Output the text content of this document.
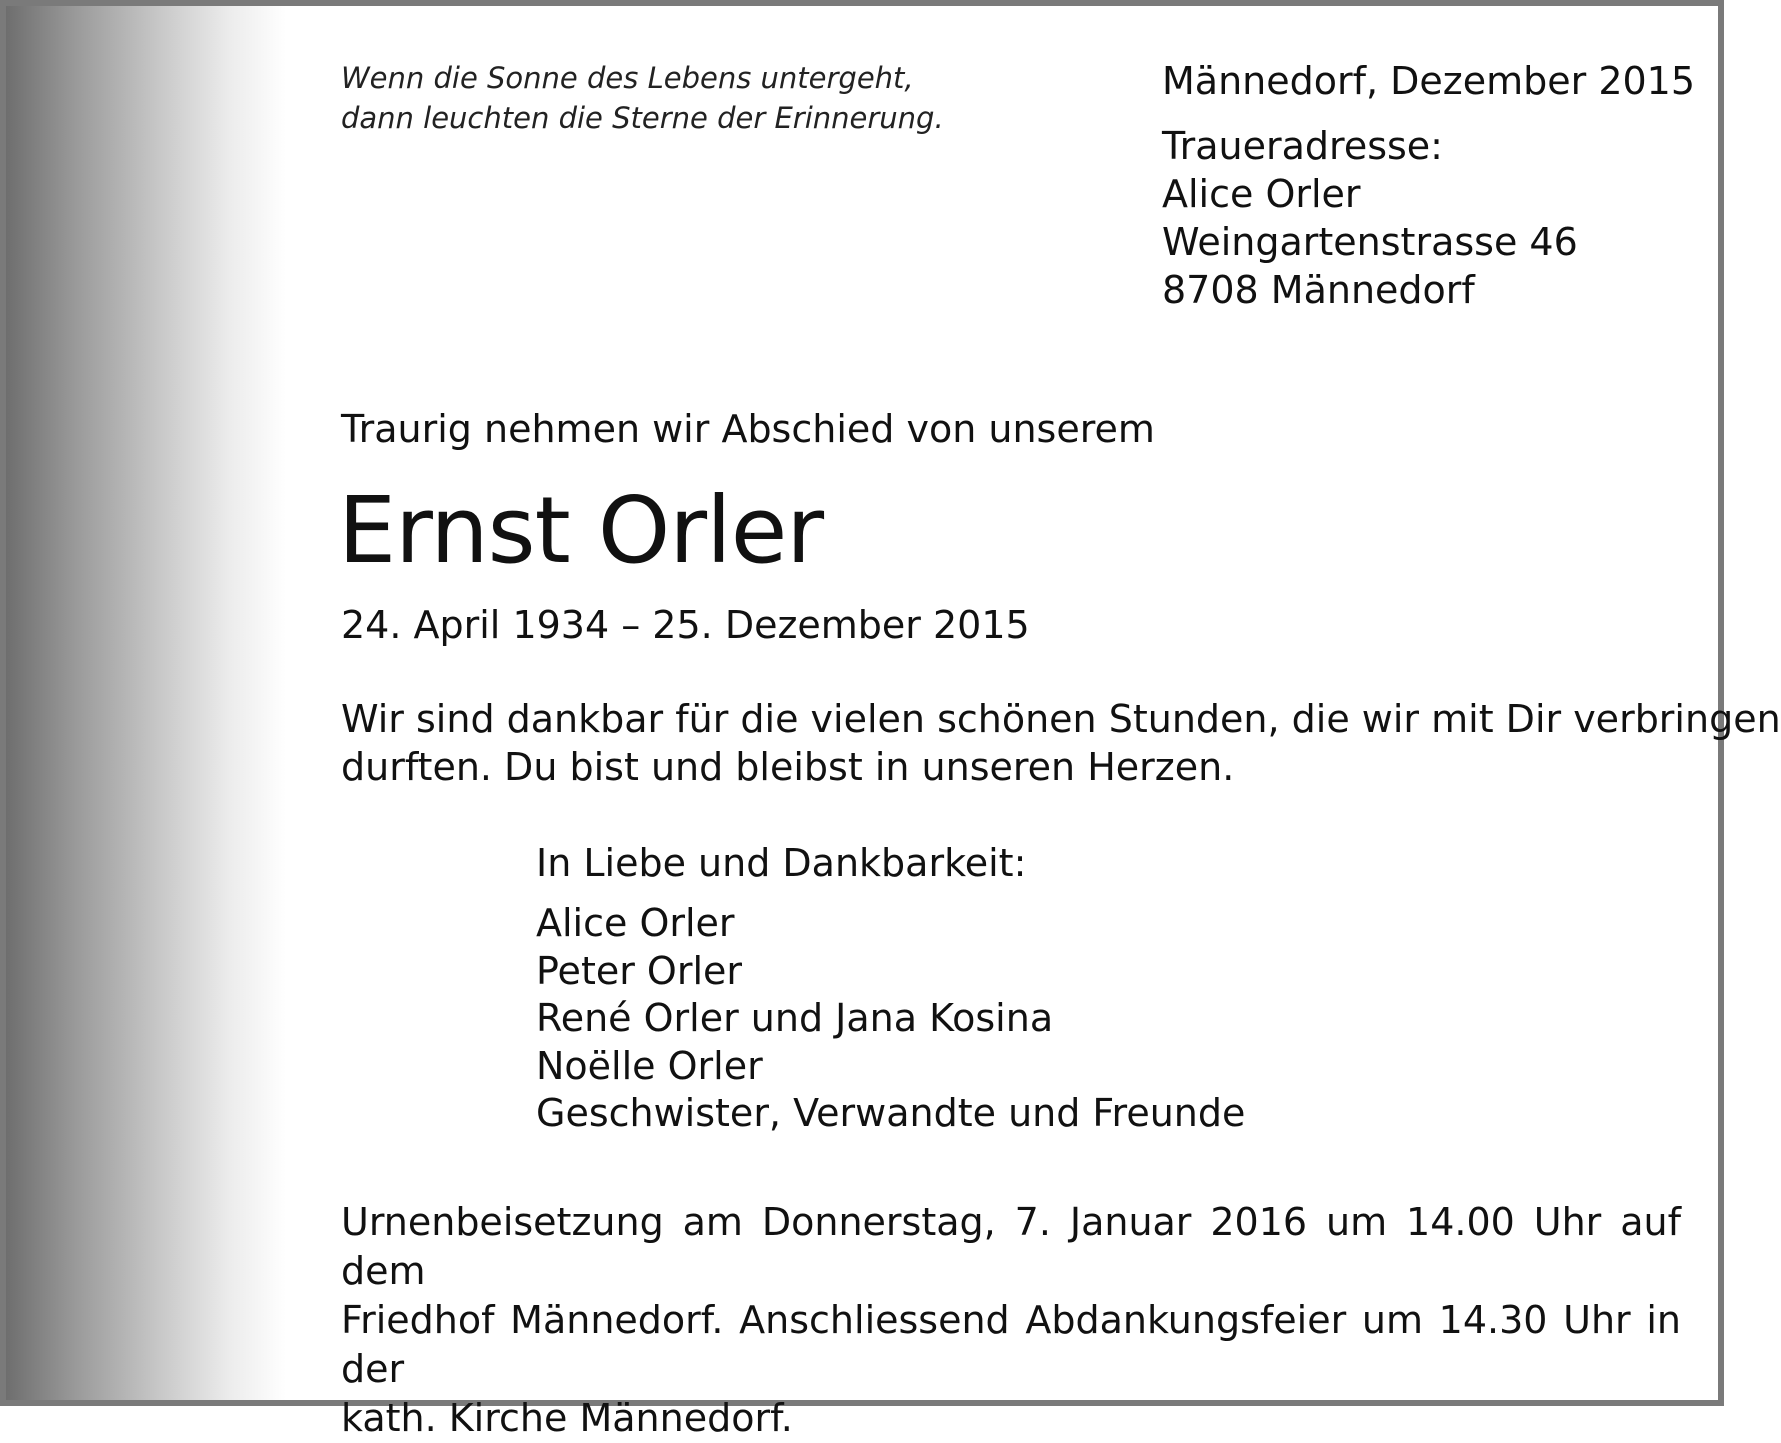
Wenn die Sonne des Lebens untergeht,
dann leuchten die Sterne der Erinnerung.
Männedorf, Dezember 2015
Traueradresse:
Alice Orler
Weingartenstrasse 46
8708 Männedorf
Traurig nehmen wir Abschied von unserem
Ernst Orler
24. April 1934 – 25. Dezember 2015
Wir sind dankbar für die vielen schönen Stunden, die wir mit Dir verbringen
durften. Du bist und bleibst in unseren Herzen.
In Liebe und Dankbarkeit:
Alice Orler
Peter Orler
René Orler und Jana Kosina
Noëlle Orler
Geschwister, Verwandte und Freunde
Urnenbeisetzung am Donnerstag, 7. Januar 2016 um 14.00 Uhr auf dem
Friedhof Männedorf. Anschliessend Abdankungsfeier um 14.30 Uhr in der
kath. Kirche Männedorf.
